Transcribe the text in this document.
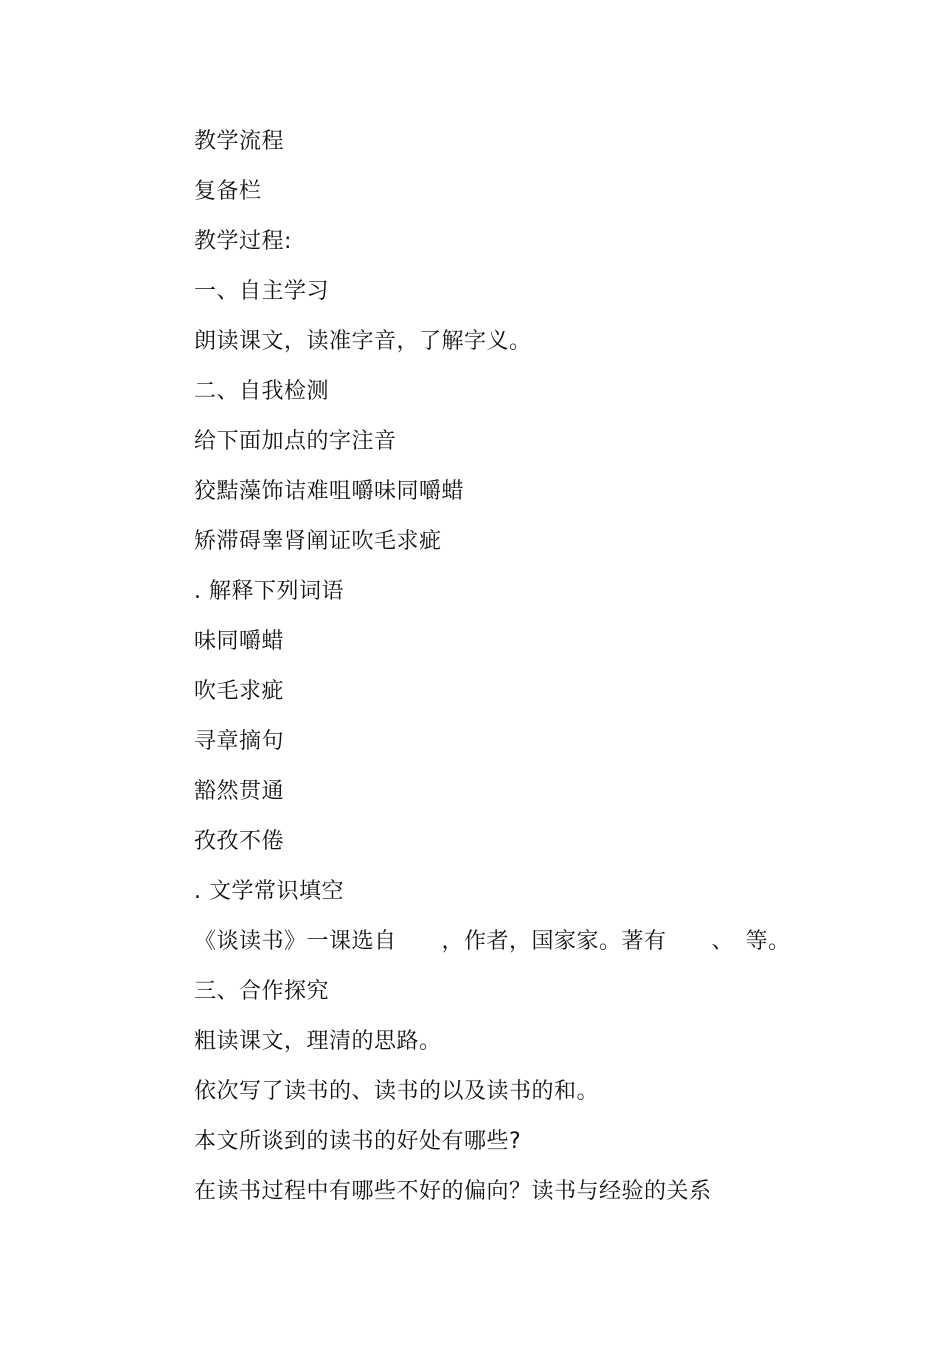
教学流程
复备栏
教学过程:
一、自主学习
朗读课文，读准字音，了解字义。
二、自我检测
给下面加点的字注音
狡黠藻饰诘难咀嚼味同嚼蜡
矫滞碍睾肾阐证吹毛求疵
. 解释下列词语
味同嚼蜡
吹毛求疵
寻章摘句
豁然贯通
孜孜不倦
. 文学常识填空
《谈读书》一课选自　　，作者，国家家。著有　　、　等。
三、合作探究
粗读课文，理清的思路。
依次写了读书的、读书的以及读书的和。
本文所谈到的读书的好处有哪些?
在读书过程中有哪些不好的偏向？读书与经验的关系
